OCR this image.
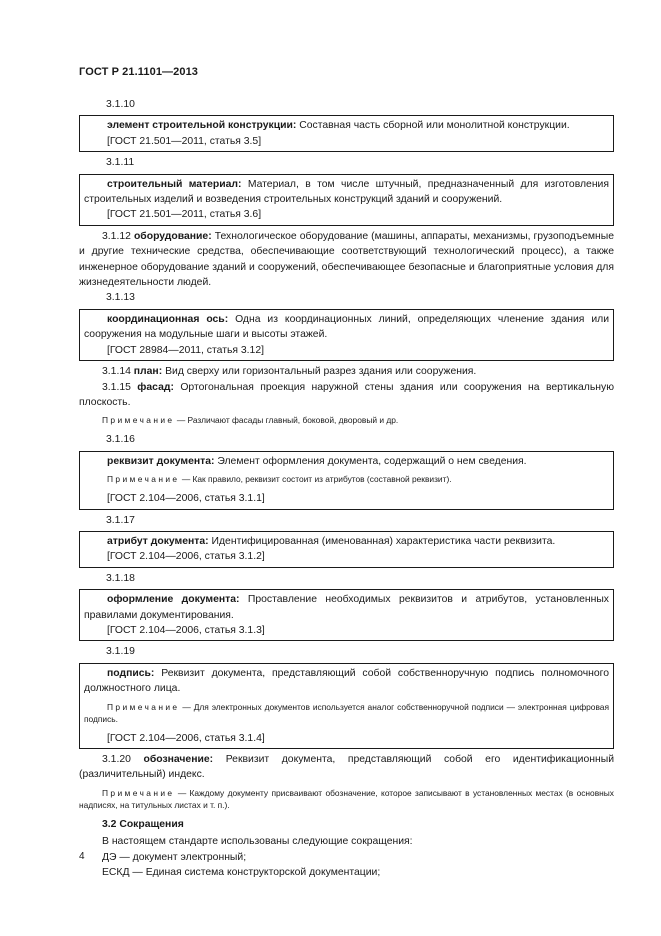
ГОСТ Р 21.1101—2013
3.1.10

элемент строительной конструкции: Составная часть сборной или монолитной конструкции.

[ГОСТ 21.501—2011, статья 3.5]
3.1.11

строительный материал: Материал, в том числе штучный, предназначенный для изготовления строительных изделий и возведения строительных конструкций зданий и сооружений.

[ГОСТ 21.501—2011, статья 3.6]

3.1.12 оборудование: Технологическое оборудование (машины, аппараты, механизмы, грузоподъемные и другие технические средства, обеспечивающие соответствующий технологический процесс), а также инженерное оборудование зданий и сооружений, обеспечивающее безопасные и благоприятные условия для жизнедеятельности людей.

3.1.13

координационная ось: Одна из координационных линий, определяющих членение здания или сооружения на модульные шаги и высоты этажей.

[ГОСТ 28984—2011, статья 3.12]

3.1.14 план: Вид сверху или горизонтальный разрез здания или сооружения.

3.1.15 фасад: Ортогональная проекция наружной стены здания или сооружения на вертикальную плоскость.

Примечание — Различают фасады главный, боковой, дворовый и др.

3.1.16

реквизит документа: Элемент оформления документа, содержащий о нем сведения.

Примечание — Как правило, реквизит состоит из атрибутов (составной реквизит).

[ГОСТ 2.104—2006, статья 3.1.1]
3.1.17

атрибут документа: Идентифицированная (именованная) характеристика части реквизита.

[ГОСТ 2.104—2006, статья 3.1.2]
3.1.18

оформление документа: Проставление необходимых реквизитов и атрибутов, установленных правилами документирования.

[ГОСТ 2.104—2006, статья 3.1.3]
3.1.19

подпись: Реквизит документа, представляющий собой собственноручную подпись полномочного должностного лица.

Примечание — Для электронных документов используется аналог собственноручной подписи — электронная цифровая подпись.

[ГОСТ 2.104—2006, статья 3.1.4]

3.1.20 обозначение: Реквизит документа, представляющий собой его идентификационный (различительный) индекс.

Примечание — Каждому документу присваивают обозначение, которое записывают в установленных местах (в основных надписях, на титульных листах и т. п.).

3.2 Сокращения
В настоящем стандарте использованы следующие сокращения:
ДЭ — документ электронный;
ЕСКД — Единая система конструкторской документации;
4
